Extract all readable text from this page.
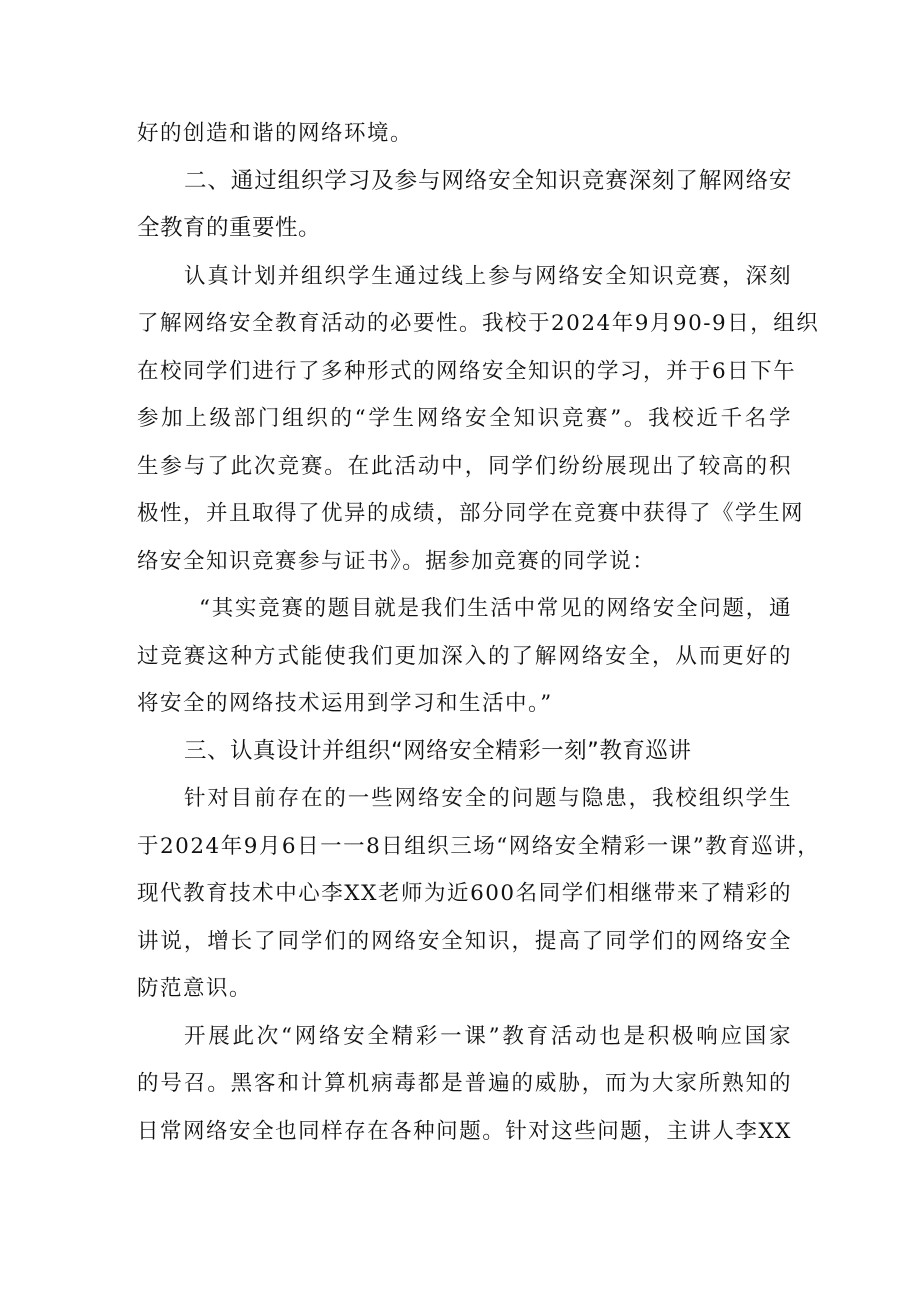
好的创造和谐的网络环境。
二、通过组织学习及参与网络安全知识竞赛深刻了解网络安
全教育的重要性。
认真计划并组织学生通过线上参与网络安全知识竞赛，深刻
了解网络安全教育活动的必要性。我校于2024年9月90-9日，组织
在校同学们进行了多种形式的网络安全知识的学习，并于6日下午
参加上级部门组织的“学生网络安全知识竞赛”。我校近千名学
生参与了此次竞赛。在此活动中，同学们纷纷展现出了较高的积
极性，并且取得了优异的成绩，部分同学在竞赛中获得了《学生网
络安全知识竞赛参与证书》。据参加竞赛的同学说：
“其实竞赛的题目就是我们生活中常见的网络安全问题，通
过竞赛这种方式能使我们更加深入的了解网络安全，从而更好的
将安全的网络技术运用到学习和生活中。”
三、认真设计并组织“网络安全精彩一刻”教育巡讲
针对目前存在的一些网络安全的问题与隐患，我校组织学生
于2024年9月6日一一8日组织三场“网络安全精彩一课”教育巡讲，
现代教育技术中心李XX老师为近600名同学们相继带来了精彩的
讲说，增长了同学们的网络安全知识，提高了同学们的网络安全
防范意识。
开展此次“网络安全精彩一课”教育活动也是积极响应国家
的号召。黑客和计算机病毒都是普遍的威胁，而为大家所熟知的
日常网络安全也同样存在各种问题。针对这些问题，主讲人李XX
